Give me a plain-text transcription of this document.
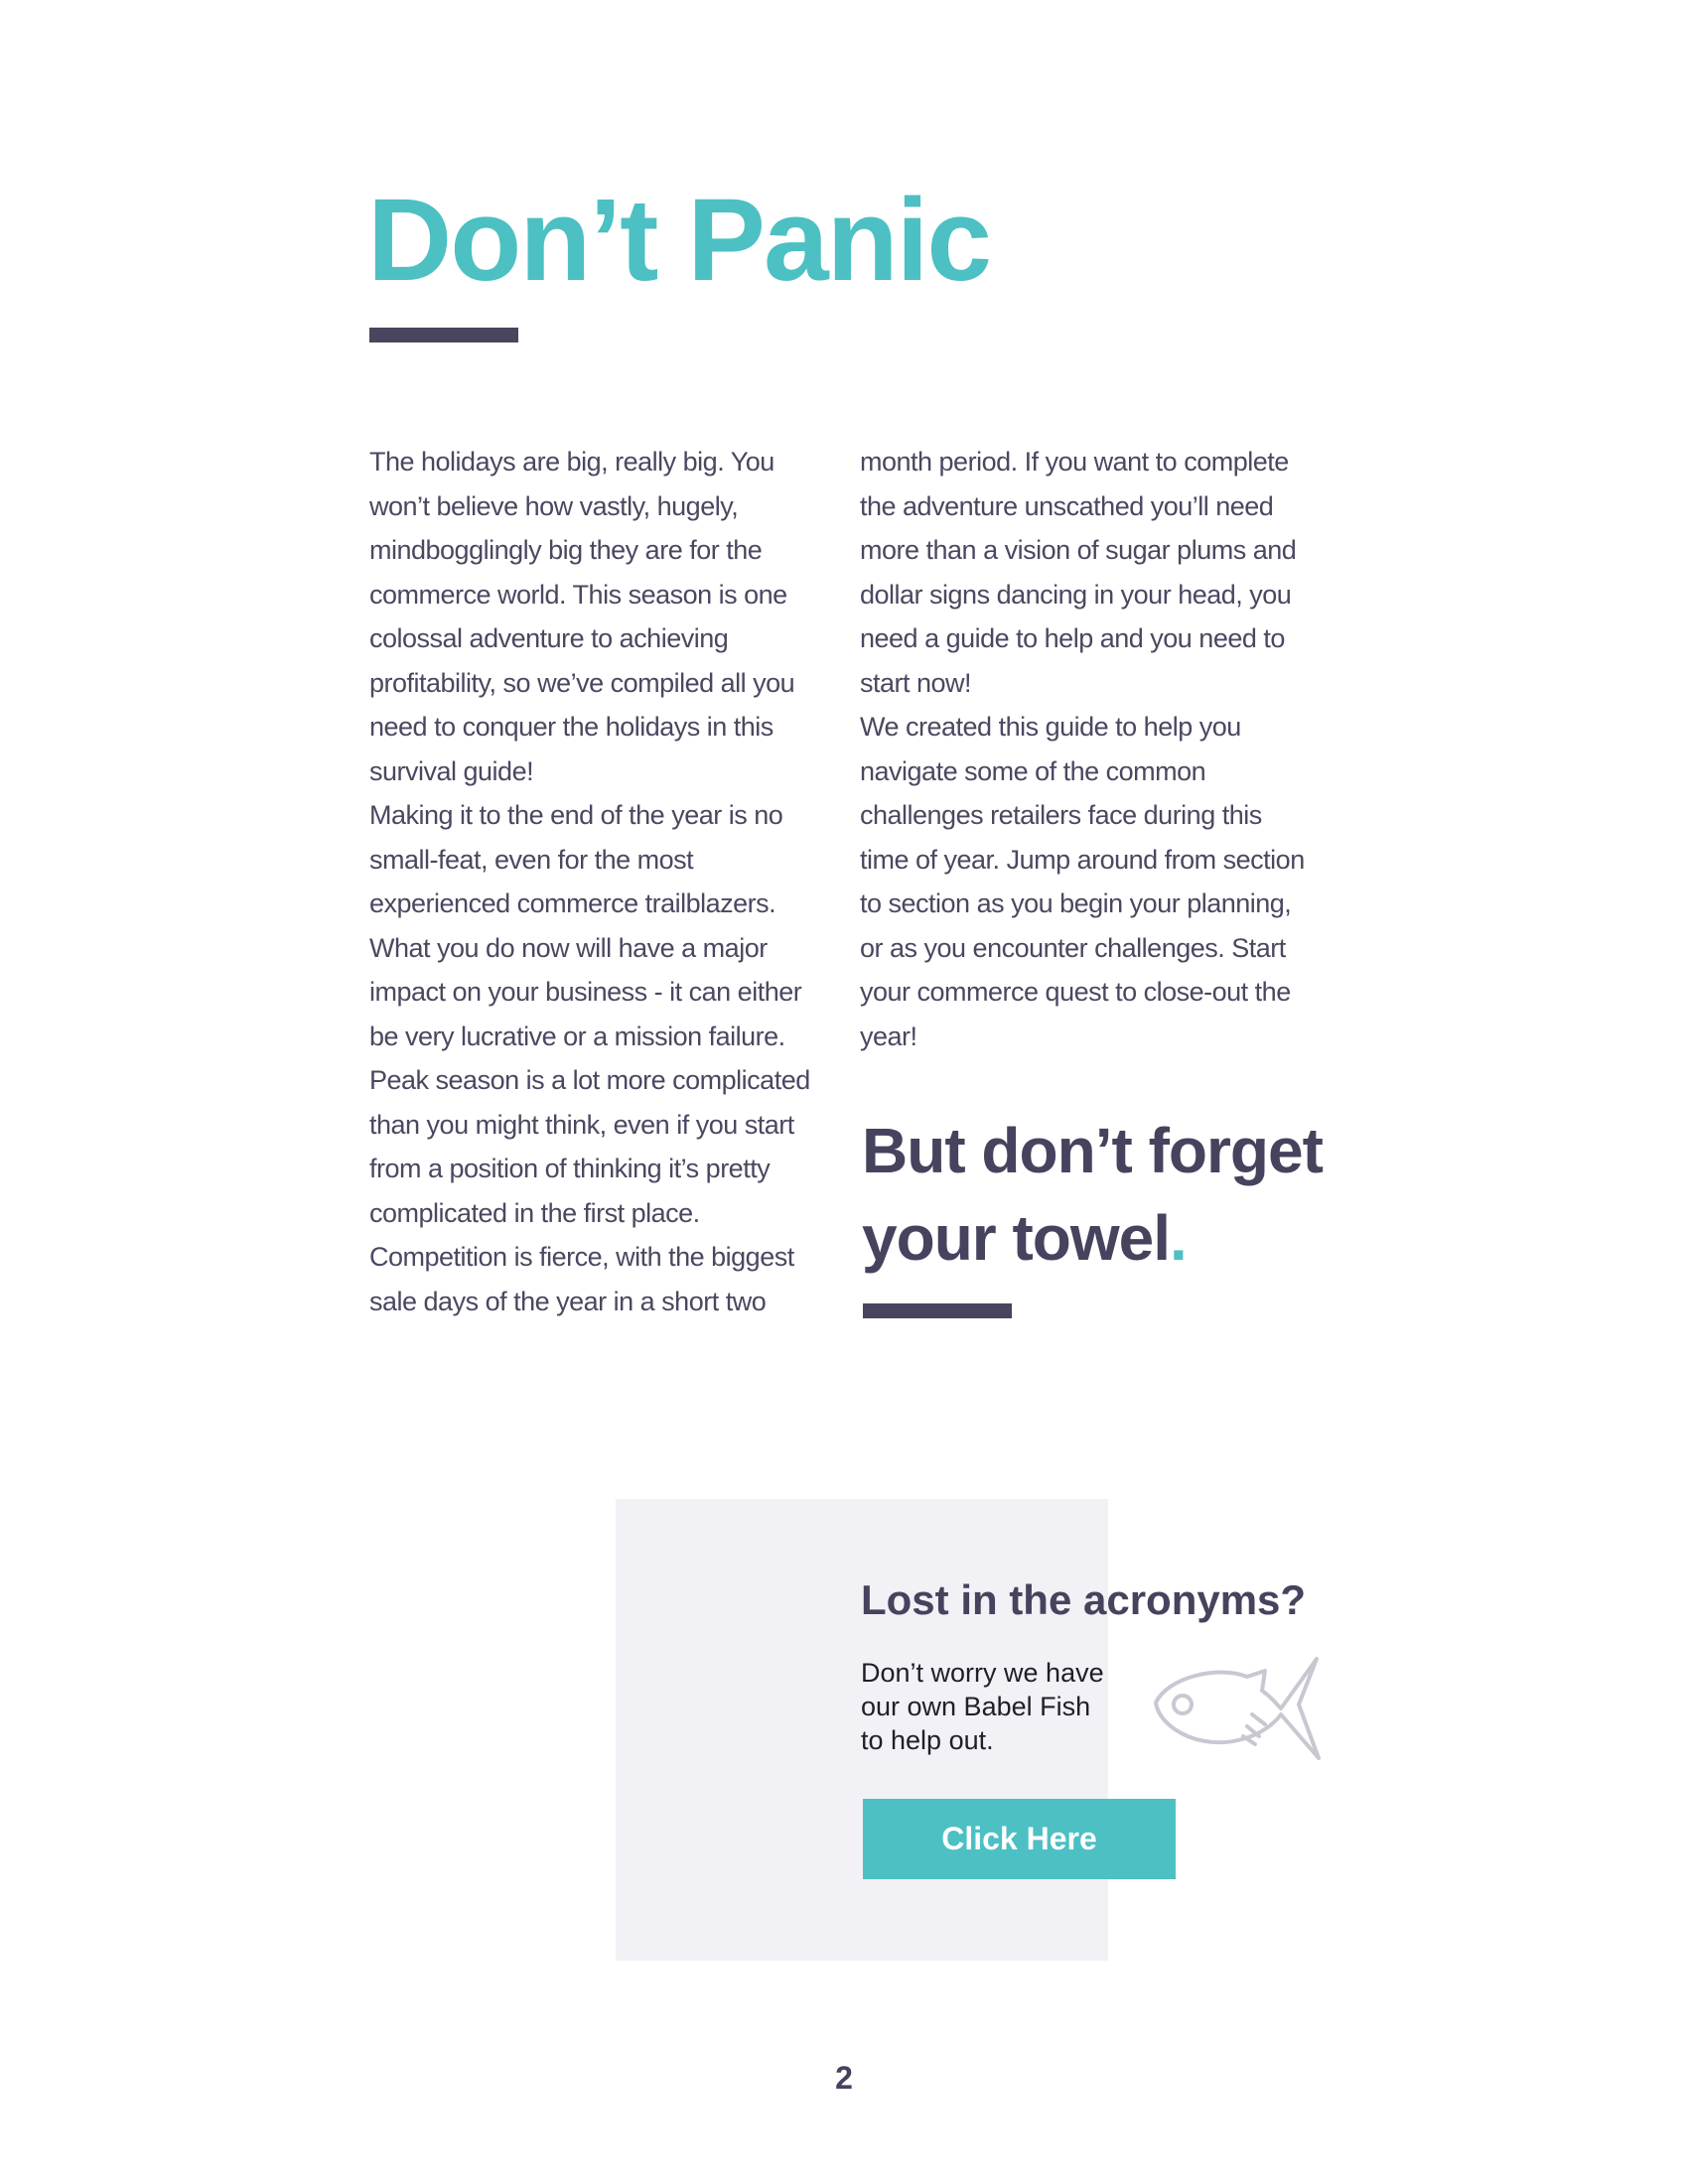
Don’t Panic

The holidays are big, really big. You won’t believe how vastly, hugely, mindbogglingly big they are for the commerce world. This season is one colossal adventure to achieving profitability, so we’ve compiled all you need to conquer the holidays in this survival guide!

Making it to the end of the year is no small-feat, even for the most experienced commerce trailblazers. What you do now will have a major impact on your business - it can either be very lucrative or a mission failure. Peak season is a lot more complicated than you might think, even if you start from a position of thinking it’s pretty complicated in the first place. Competition is fierce, with the biggest sale days of the year in a short two

month period. If you want to complete the adventure unscathed you’ll need more than a vision of sugar plums and dollar signs dancing in your head, you need a guide to help and you need to start now!

We created this guide to help you navigate some of the common challenges retailers face during this time of year. Jump around from section to section as you begin your planning, or as you encounter challenges. Start your commerce quest to close-out the year!

But don’t forget
your towel.
Lost in the acronyms?

Don’t worry we have
our own Babel Fish
to help out.

Click Here
2
